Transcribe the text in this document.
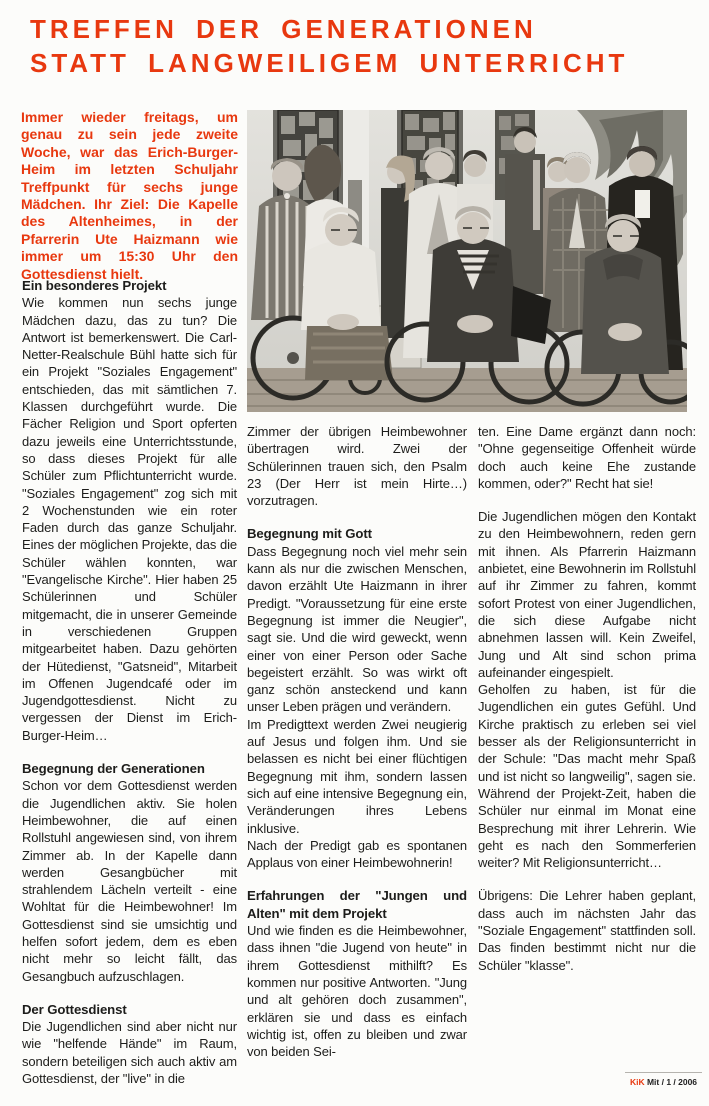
TREFFEN DER GENERATIONEN
STATT LANGWEILIGEM UNTERRICHT

Immer wieder freitags, um genau zu sein jede zweite Woche, war das Erich-Burger-Heim im letzten Schuljahr Treffpunkt für sechs junge Mädchen. Ihr Ziel: Die Kapelle des Altenheimes, in der Pfarrerin Ute Haizmann wie immer um 15:30 Uhr den Gottesdienst hielt.

Ein besonderes Projekt

Wie kommen nun sechs junge Mädchen dazu, das zu tun? Die Antwort ist bemerkenswert. Die Carl-Netter-Realschule Bühl hatte sich für ein Projekt "Soziales Engagement" entschieden, das mit sämtlichen 7. Klassen durchgeführt wurde. Die Fächer Religion und Sport opferten dazu jeweils eine Unterrichtsstunde, so dass dieses Projekt für alle Schüler zum Pflichtunterricht wurde. "Soziales Engagement" zog sich mit 2 Wochenstunden wie ein roter Faden durch das ganze Schuljahr. Eines der möglichen Projekte, das die Schüler wählen konnten, war "Evangelische Kirche". Hier haben 25 Schülerinnen und Schüler mitgemacht, die in unserer Gemeinde in verschiedenen Gruppen mitgearbeitet haben. Dazu gehörten der Hütedienst, "Gatsneid", Mitarbeit im Offenen Jugendcafé oder im Jugendgottesdienst. Nicht zu vergessen der Dienst im Erich-Burger-Heim…

Begegnung der Generationen

Schon vor dem Gottesdienst werden die Jugendlichen aktiv. Sie holen Heimbewohner, die auf einen Rollstuhl angewiesen sind, von ihrem Zimmer ab. In der Kapelle dann werden Gesangbücher mit strahlendem Lächeln verteilt - eine Wohltat für die Heimbewohner! Im Gottesdienst sind sie umsichtig und helfen sofort jedem, dem es eben nicht mehr so leicht fällt, das Gesangbuch aufzuschlagen.

Der Gottesdienst

Die Jugendlichen sind aber nicht nur wie "helfende Hände" im Raum, sondern beteiligen sich auch aktiv am Gottesdienst, der "live" in die

Zimmer der übrigen Heimbewohner übertragen wird. Zwei der Schülerinnen trauen sich, den Psalm 23 (Der Herr ist mein Hirte…) vorzutragen.

Begegnung mit Gott

Dass Begegnung noch viel mehr sein kann als nur die zwischen Menschen, davon erzählt Ute Haizmann in ihrer Predigt. "Voraussetzung für eine erste Begegnung ist immer die Neugier", sagt sie. Und die wird geweckt, wenn einer von einer Person oder Sache begeistert erzählt. So was wirkt oft ganz schön ansteckend und kann unser Leben prägen und verändern.

Im Predigttext werden Zwei neugierig auf Jesus und folgen ihm. Und sie belassen es nicht bei einer flüchtigen Begegnung mit ihm, sondern lassen sich auf eine intensive Begegnung ein, Veränderungen ihres Lebens inklusive.

Nach der Predigt gab es spontanen Applaus von einer Heimbewohnerin!

Erfahrungen der "Jungen und Alten" mit dem Projekt

Und wie finden es die Heimbewohner, dass ihnen "die Jugend von heute" in ihrem Gottesdienst mithilft? Es kommen nur positive Antworten. "Jung und alt gehören doch zusammen", erklären sie und dass es einfach wichtig ist, offen zu bleiben und zwar von beiden Sei-

ten. Eine Dame ergänzt dann noch: "Ohne gegenseitige Offenheit würde doch auch keine Ehe zustande kommen, oder?" Recht hat sie!

Die Jugendlichen mögen den Kontakt zu den Heimbewohnern, reden gern mit ihnen. Als Pfarrerin Haizmann anbietet, eine Bewohnerin im Rollstuhl auf ihr Zimmer zu fahren, kommt sofort Protest von einer Jugendlichen, die sich diese Aufgabe nicht abnehmen lassen will. Kein Zweifel, Jung und Alt sind schon prima aufeinander eingespielt.

Geholfen zu haben, ist für die Jugendlichen ein gutes Gefühl. Und Kirche praktisch zu erleben sei viel besser als der Religionsunterricht in der Schule: "Das macht mehr Spaß und ist nicht so langweilig", sagen sie. Während der Projekt-Zeit, haben die Schüler nur einmal im Monat eine Besprechung mit ihrer Lehrerin. Wie geht es nach den Sommerferien weiter? Mit Religionsunterricht…

Übrigens: Die Lehrer haben geplant, dass auch im nächsten Jahr das "Soziale Engagement" stattfinden soll. Das finden bestimmt nicht nur die Schüler "klasse".

KiK Mit / 1 / 2006
